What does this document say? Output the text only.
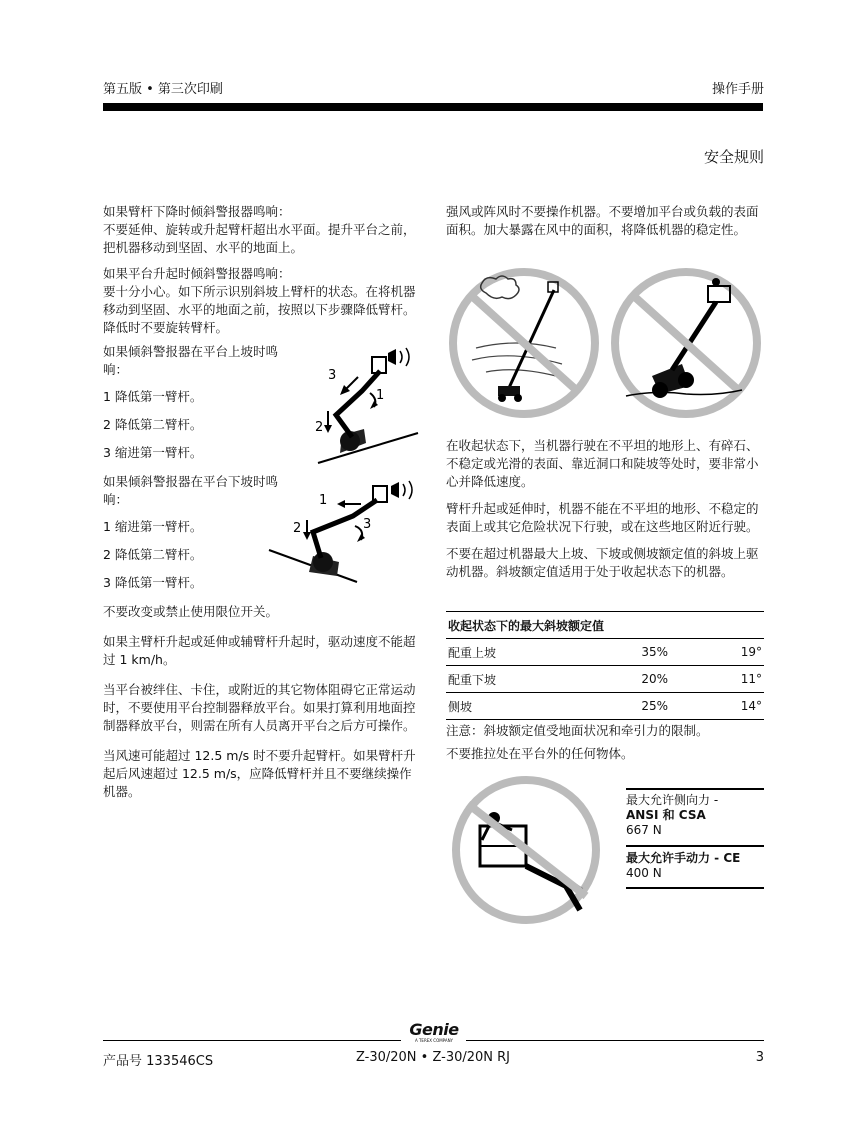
第五版 • 第三次印刷	操作手册
安全规则

如果臂杆下降时倾斜警报器鸣响：

不要延伸、旋转或升起臂杆超出水平面。提升平台之前，把机器移动到坚固、水平的地面上。

如果平台升起时倾斜警报器鸣响：

要十分小心。如下所示识别斜坡上臂杆的状态。在将机器移动到坚固、水平的地面之前，按照以下步骤降低臂杆。降低时不要旋转臂杆。

如果倾斜警报器在平台上坡时鸣响：
1 降低第一臂杆。
2 降低第二臂杆。
3 缩进第一臂杆。
3
1
2
如果倾斜警报器在平台下坡时鸣响：
1 缩进第一臂杆。
2 降低第二臂杆。
3 降低第一臂杆。
1
2	3

不要改变或禁止使用限位开关。

如果主臂杆升起或延伸或辅臂杆升起时，驱动速度不能超过 1 km/h。

当平台被绊住、卡住，或附近的其它物体阻碍它正常运动时，不要使用平台控制器释放平台。如果打算利用地面控制器释放平台，则需在所有人员离开平台之后方可操作。

当风速可能超过 12.5 m/s 时不要升起臂杆。如果臂杆升起后风速超过 12.5 m/s，应降低臂杆并且不要继续操作机器。

强风或阵风时不要操作机器。不要增加平台或负载的表面面积。加大暴露在风中的面积，将降低机器的稳定性。

在收起状态下，当机器行驶在不平坦的地形上、有碎石、不稳定或光滑的表面、靠近洞口和陡坡等处时，要非常小心并降低速度。

臂杆升起或延伸时，机器不能在不平坦的地形、不稳定的表面上或其它危险状况下行驶，或在这些地区附近行驶。

不要在超过机器最大上坡、下坡或侧坡额定值的斜坡上驱动机器。斜坡额定值适用于处于收起状态下的机器。

收起状态下的最大斜坡额定值		
配重上坡	35%	19°
配重下坡	20%	11°
侧坡	25%	14°
注意：斜坡额定值受地面状况和牵引力的限制。
不要推拉处在平台外的任何物体。
最大允许侧向力 -
ANSI 和 CSA
667 N
最大允许手动力 - CE
400 N
Genie
A TEREX COMPANY
产品号 133546CS	Z-30/20N • Z-30/20N RJ	3
